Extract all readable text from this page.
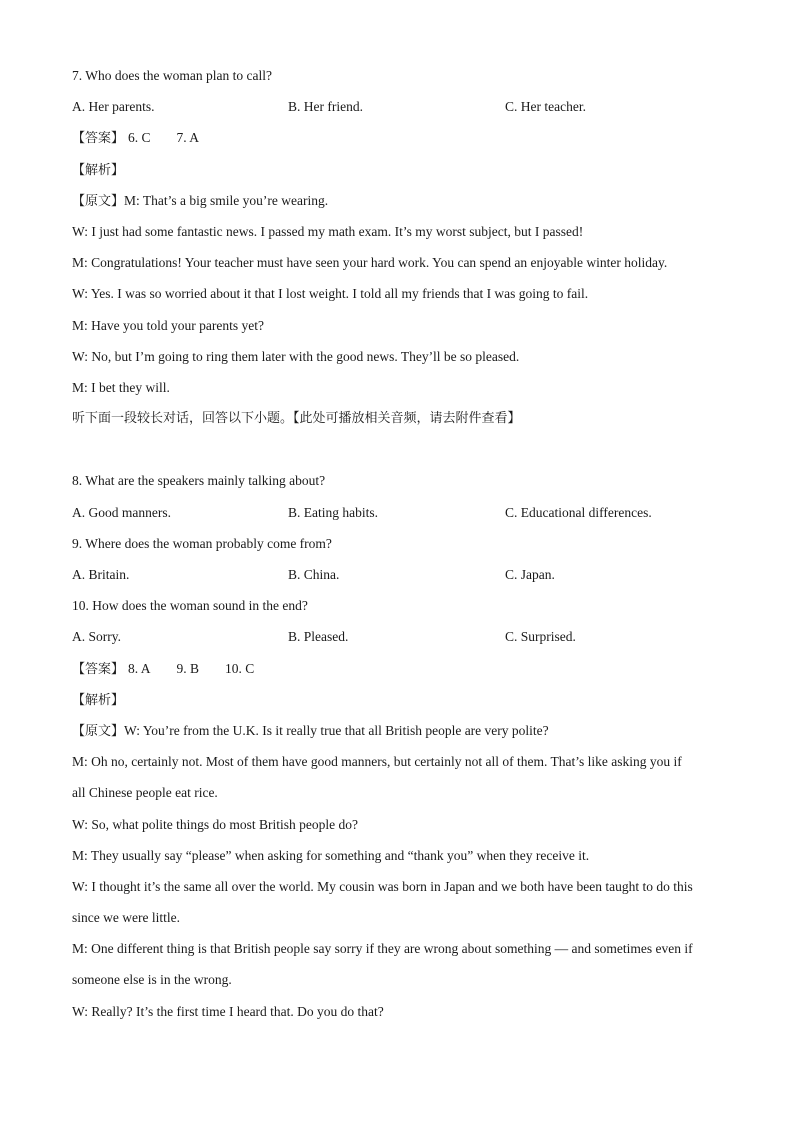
7. Who does the woman plan to call?
A. Her parents.	B. Her friend.	C. Her teacher.
【答案】 6. C 7. A
【解析】
【原文】M: That’s a big smile you’re wearing.
W: I just had some fantastic news. I passed my math exam. It’s my worst subject, but I passed!
M: Congratulations! Your teacher must have seen your hard work. You can spend an enjoyable winter holiday.
W: Yes. I was so worried about it that I lost weight. I told all my friends that I was going to fail.
M: Have you told your parents yet?
W: No, but I’m going to ring them later with the good news. They’ll be so pleased.
M: I bet they will.
听下面一段较长对话，回答以下小题。【此处可播放相关音频，请去附件查看】
8. What are the speakers mainly talking about?
A. Good manners.	B. Eating habits.	C. Educational differences.
9. Where does the woman probably come from?
A. Britain.	B. China.	C. Japan.
10. How does the woman sound in the end?
A. Sorry.	B. Pleased.	C. Surprised.
【答案】 8. A 9. B 10. C
【解析】
【原文】W: You’re from the U.K. Is it really true that all British people are very polite?
M: Oh no, certainly not. Most of them have good manners, but certainly not all of them. That’s like asking you if
all Chinese people eat rice.
W: So, what polite things do most British people do?
M: They usually say “please” when asking for something and “thank you” when they receive it.
W: I thought it’s the same all over the world. My cousin was born in Japan and we both have been taught to do this
since we were little.
M: One different thing is that British people say sorry if they are wrong about something — and sometimes even if
someone else is in the wrong.
W: Really? It’s the first time I heard that. Do you do that?
